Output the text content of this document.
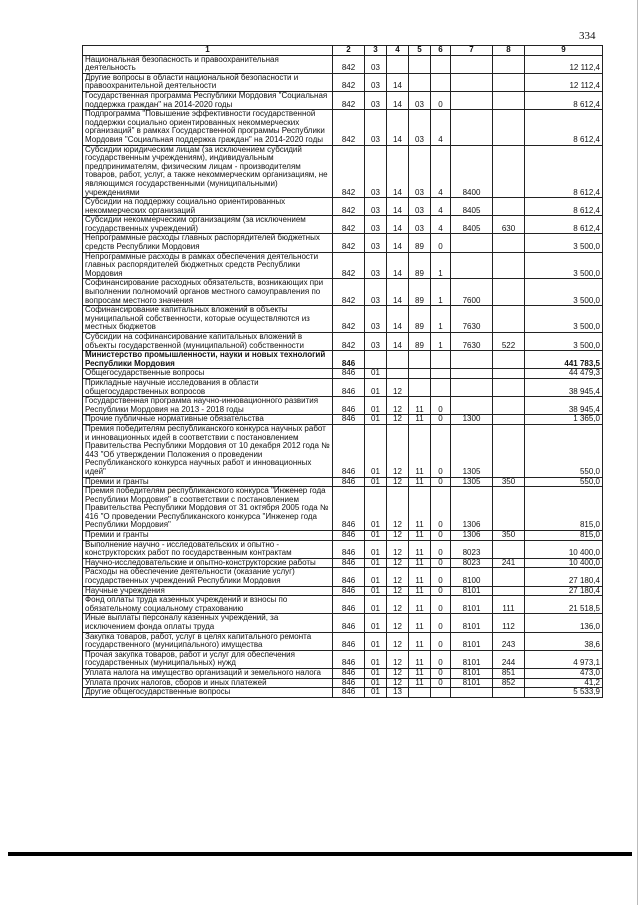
334
1	2	3	4	5	6	7	8	9
Национальная безопасность и правоохранительная деятельность	842	03						12 112,4
Другие вопросы в области национальной безопасности и правоохранительной деятельности	842	03	14					12 112,4
Государственная программа Республики Мордовия "Социальная поддержка граждан" на 2014-2020 годы	842	03	14	03	0			8 612,4
Подпрограмма "Повышение эффективности государственной поддержки социально ориентированных некоммерческих организаций" в рамках Государственной программы Республики Мордовия "Социальная поддержка граждан" на 2014-2020 годы	842	03	14	03	4			8 612,4
Субсидии юридическим лицам (за исключением субсидий государственным учреждениям), индивидуальным предпринимателям, физическим лицам - производителям товаров, работ, услуг, а также некоммерческим организациям, не являющимся государственными (муниципальными) учреждениями	842	03	14	03	4	8400		8 612,4
Субсидии на поддержку социально ориентированных некоммерческих организаций	842	03	14	03	4	8405		8 612,4
Субсидии некоммерческим организациям (за исключением государственных учреждений)	842	03	14	03	4	8405	630	8 612,4
Непрограммные расходы главных распорядителей бюджетных средств Республики Мордовия	842	03	14	89	0			3 500,0
Непрограммные расходы в рамках обеспечения деятельности главных распорядителей бюджетных средств Республики Мордовия	842	03	14	89	1			3 500,0
Софинансирование расходных обязательств, возникающих при выполнении полномочий органов местного самоуправления по вопросам местного значения	842	03	14	89	1	7600		3 500,0
Софинансирование капитальных вложений в объекты муниципальной собственности, которые осуществляются из местных бюджетов	842	03	14	89	1	7630		3 500,0
Субсидии на софинансирование капитальных вложений в объекты государственной (муниципальной) собственности	842	03	14	89	1	7630	522	3 500,0
Министерство промышленности, науки и новых технологий Республики Мордовия	846							441 783,5
Общегосударственные вопросы	846	01						44 479,3
Прикладные научные исследования в области общегосударственных вопросов	846	01	12					38 945,4
Государственная программа научно-инновационного развития Республики Мордовия на 2013 - 2018 годы	846	01	12	11	0			38 945,4
Прочие публичные нормативные обязательства	846	01	12	11	0	1300		1 365,0
Премия победителям республиканского конкурса научных работ и инновационных идей в соответствии с постановлением Правительства Республики Мордовия от 10 декабря 2012 года № 443 "Об утверждении Положения о проведении Республиканского конкурса научных работ и инновационных идей"	846	01	12	11	0	1305		550,0
Премии и гранты	846	01	12	11	0	1305	350	550,0
Премия победителям республиканского конкурса "Инженер года Республики Мордовия" в соответствии с постановлением Правительства Республики Мордовия от 31 октября 2005 года № 416 "О проведении Республиканского конкурса "Инженер года Республики Мордовия"	846	01	12	11	0	1306		815,0
Премии и гранты	846	01	12	11	0	1306	350	815,0
Выполнение научно - исследовательских и опытно - конструкторских работ по государственным контрактам	846	01	12	11	0	8023		10 400,0
Научно-исследовательские и опытно-конструкторские работы	846	01	12	11	0	8023	241	10 400,0
Расходы на обеспечение деятельности (оказание услуг) государственных учреждений Республики Мордовия	846	01	12	11	0	8100		27 180,4
Научные учреждения	846	01	12	11	0	8101		27 180,4
Фонд оплаты труда казенных учреждений и взносы по обязательному социальному страхованию	846	01	12	11	0	8101	111	21 518,5
Иные выплаты персоналу казенных учреждений, за исключением фонда оплаты труда	846	01	12	11	0	8101	112	136,0
Закупка товаров, работ, услуг в целях капитального ремонта государственного (муниципального) имущества	846	01	12	11	0	8101	243	38,6
Прочая закупка товаров, работ и услуг для обеспечения государственных (муниципальных) нужд	846	01	12	11	0	8101	244	4 973,1
Уплата налога на имущество организаций и земельного налога	846	01	12	11	0	8101	851	473,0
Уплата прочих налогов, сборов и иных платежей	846	01	12	11	0	8101	852	41,2
Другие общегосударственные вопросы	846	01	13					5 533,9
